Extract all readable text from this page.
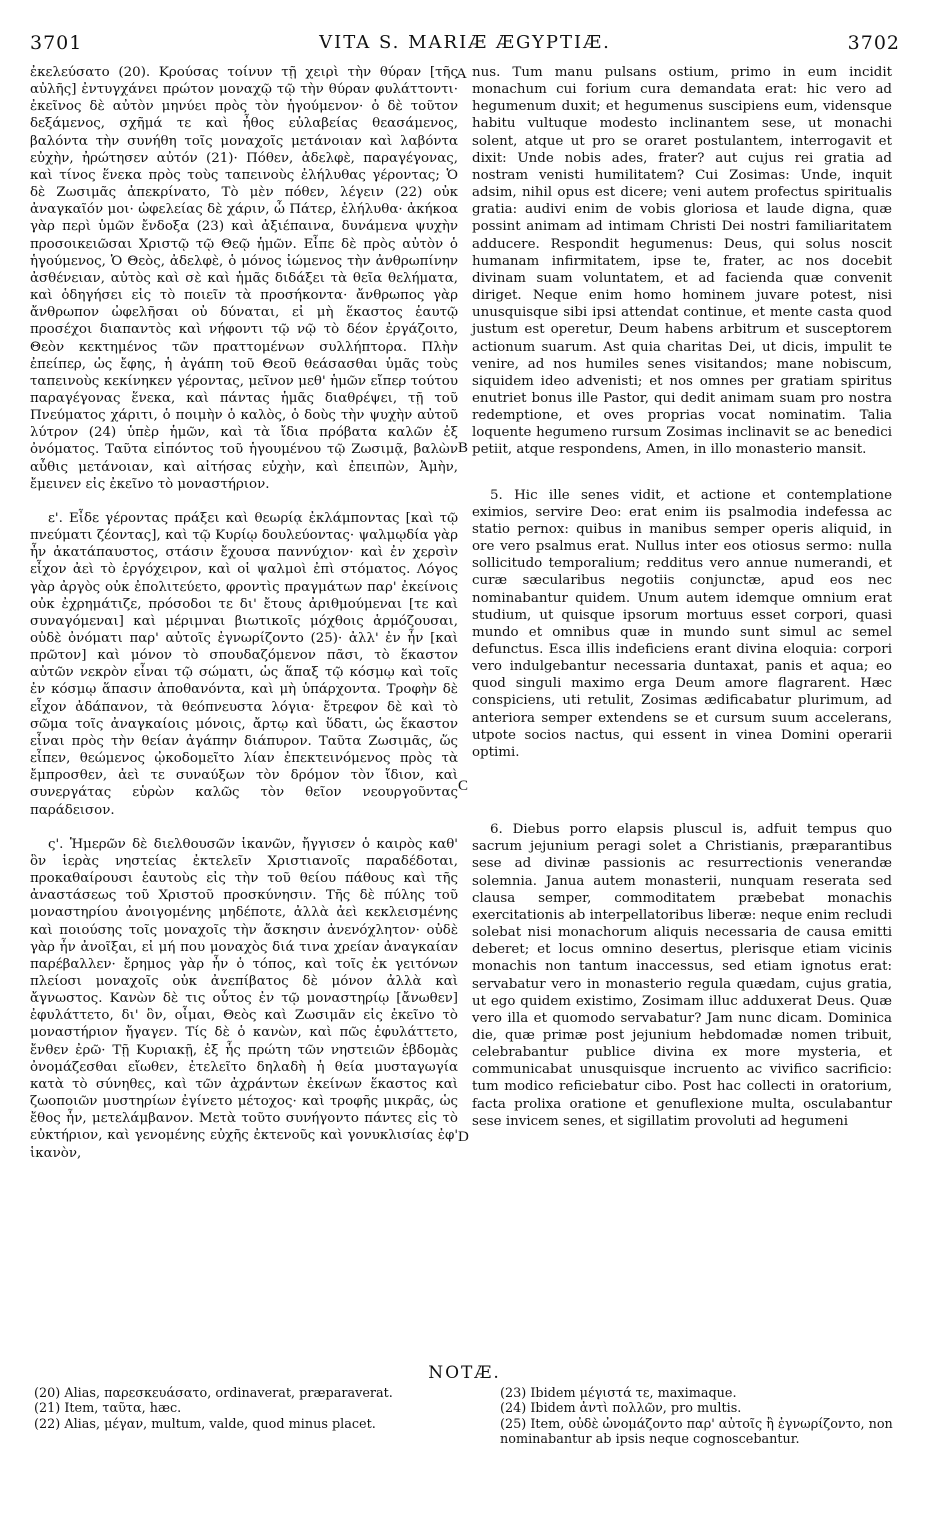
3701	VITA S. MARIÆ ÆGYPTIÆ.	3702

ἐκελεύσατο (20). Κρούσας τοίνυν τῇ χειρὶ τὴν θύραν [τῆς αὐλῆς] ἐντυγχάνει πρώτον μοναχῷ τῷ τὴν θύραν φυλάττοντι· ἐκεῖνος δὲ αὐτὸν μηνύει πρὸς τὸν ἡγούμενον· ὁ δὲ τοῦτον δεξάμενος, σχῆμά τε καὶ ἦθος εὐλαβείας θεασάμενος, βαλόντα τὴν συνήθη τοῖς μοναχοῖς μετάνοιαν καὶ λαβόντα εὐχὴν, ἠρώτησεν αὐτόν (21)· Πόθεν, ἀδελφὲ, παραγέγονας, καὶ τίνος ἕνεκα πρὸς τοὺς ταπεινοὺς ἐλήλυθας γέροντας; Ὁ δὲ Ζωσιμᾶς ἀπεκρίνατο, Τὸ μὲν πόθεν, λέγειν (22) οὐκ ἀναγκαῖόν μοι· ὠφελείας δὲ χάριν, ὦ Πάτερ, ἐλήλυθα· ἀκήκοα γὰρ περὶ ὑμῶν ἔνδοξα (23) καὶ ἀξιέπαινα, δυνάμενα ψυχὴν προσοικειῶσαι Χριστῷ τῷ Θεῷ ἡμῶν. Εἶπε δὲ πρὸς αὐτὸν ὁ ἡγούμενος, Ὁ Θεὸς, ἀδελφὲ, ὁ μόνος ἰώμενος τὴν ἀνθρωπίνην ἀσθένειαν, αὐτὸς καὶ σὲ καὶ ἡμᾶς διδάξει τὰ θεῖα θελήματα, καὶ ὁδηγήσει εἰς τὸ ποιεῖν τὰ προσήκοντα· ἄνθρωπος γὰρ ἄνθρωπον ὠφελῆσαι οὐ δύναται, εἰ μὴ ἕκαστος ἑαυτῷ προσέχοι διαπαντὸς καὶ νήφοντι τῷ νῷ τὸ δέον ἐργάζοιτο, Θεὸν κεκτημένος τῶν πραττομένων συλλήπτορα. Πλὴν ἐπείπερ, ὡς ἔφης, ἡ ἀγάπη τοῦ Θεοῦ θεάσασθαι ὑμᾶς τοὺς ταπεινοὺς κεκίνηκεν γέροντας, μεῖνον μεθ' ἡμῶν εἴπερ τούτου παραγέγονας ἕνεκα, καὶ πάντας ἡμᾶς διαθρέψει, τῇ τοῦ Πνεύματος χάριτι, ὁ ποιμὴν ὁ καλὸς, ὁ δοὺς τὴν ψυχὴν αὐτοῦ λύτρον (24) ὑπὲρ ἡμῶν, καὶ τὰ ἴδια πρόβατα καλῶν ἐξ ὀνόματος. Ταῦτα εἰπόντος τοῦ ἡγουμένου τῷ Ζωσιμᾷ, βαλὼν αὖθις μετάνοιαν, καὶ αἰτήσας εὐχὴν, καὶ ἐπειπὼν, Ἀμὴν, ἔμεινεν εἰς ἐκεῖνο τὸ μοναστήριον.

ε'. Εἶδε γέροντας πράξει καὶ θεωρίᾳ ἐκλάμποντας [καὶ τῷ πνεύματι ζέοντας], καὶ τῷ Κυρίῳ δουλεύοντας· ψαλμῳδία γὰρ ἦν ἀκατάπαυστος, στάσιν ἔχουσα παννύχιον· καὶ ἐν χερσὶν εἶχον ἀεὶ τὸ ἐργόχειρον, καὶ οἱ ψαλμοὶ ἐπὶ στόματος. Λόγος γὰρ ἀργὸς οὐκ ἐπολιτεύετο, φροντὶς πραγμάτων παρ' ἐκείνοις οὐκ ἐχρημάτιζε, πρόσοδοι τε δι' ἔτους ἀριθμούμεναι [τε καὶ συναγόμεναι] καὶ μέριμναι βιωτικοῖς μόχθοις ἁρμόζουσαι, οὐδὲ ὀνόματι παρ' αὐτοῖς ἐγνωρίζοντο (25)· ἀλλ' ἐν ἦν [καὶ πρῶτον] καὶ μόνον τὸ σπουδαζόμενον πᾶσι, τὸ ἕκαστον αὐτῶν νεκρὸν εἶναι τῷ σώματι, ὡς ἅπαξ τῷ κόσμῳ καὶ τοῖς ἐν κόσμῳ ἅπασιν ἀποθανόντα, καὶ μὴ ὑπάρχοντα. Τροφὴν δὲ εἶχον ἀδάπανον, τὰ θεόπνευστα λόγια· ἔτρεφον δὲ καὶ τὸ σῶμα τοῖς ἀναγκαίοις μόνοις, ἄρτῳ καὶ ὕδατι, ὡς ἕκαστον εἶναι πρὸς τὴν θείαν ἀγάπην διάπυρον. Ταῦτα Ζωσιμᾶς, ὥς εἶπεν, θεώμενος ᾠκοδομεῖτο λίαν ἐπεκτεινόμενος πρὸς τὰ ἔμπροσθεν, ἀεὶ τε συναύξων τὸν δρόμον τὸν ἴδιον, καὶ συνεργάτας εὑρὼν καλῶς τὸν θεῖον νεουργοῦντας παράδεισον.

ς'. Ἡμερῶν δὲ διελθουσῶν ἱκανῶν, ἤγγισεν ὁ καιρὸς καθ' ὃν ἱερὰς νηστείας ἐκτελεῖν Χριστιανοῖς παραδέδοται, προκαθαίρουσι ἑαυτοὺς εἰς τὴν τοῦ θείου πάθους καὶ τῆς ἀναστάσεως τοῦ Χριστοῦ προσκύνησιν. Τῆς δὲ πύλης τοῦ μοναστηρίου ἀνοιγομένης μηδέποτε, ἀλλὰ ἀεὶ κεκλεισμένης καὶ ποιούσης τοῖς μοναχοῖς τὴν ἄσκησιν ἀνενόχλητον· οὐδὲ γὰρ ἦν ἀνοῖξαι, εἰ μή που μοναχὸς διά τινα χρείαν ἀναγκαίαν παρέβαλλεν· ἔρημος γὰρ ἦν ὁ τόπος, καὶ τοῖς ἐκ γειτόνων πλείοσι μοναχοῖς οὐκ ἀνεπίβατος δὲ μόνον ἀλλὰ καὶ ἄγνωστος. Κανὼν δὲ τις οὗτος ἐν τῷ μοναστηρίῳ [ἄνωθεν] ἐφυλάττετο, δι' ὃν, οἶμαι, Θεὸς καὶ Ζωσιμᾶν εἰς ἐκεῖνο τὸ μοναστήριον ἤγαγεν. Τίς δὲ ὁ κανὼν, καὶ πῶς ἐφυλάττετο, ἔνθεν ἐρῶ· Τῇ Κυριακῇ, ἐξ ἧς πρώτη τῶν νηστειῶν ἑβδομὰς ὀνομάζεσθαι εἴωθεν, ἐτελεῖτο δηλαδὴ ἡ θεία μυσταγωγία κατὰ τὸ σύνηθες, καὶ τῶν ἀχράντων ἐκείνων ἕκαστος καὶ ζωοποιῶν μυστηρίων ἐγίνετο μέτοχος· καὶ τροφῆς μικρᾶς, ὡς ἔθος ἦν, μετελάμβανον. Μετὰ τοῦτο συνήγοντο πάντες εἰς τὸ εὐκτήριον, καὶ γενομένης εὐχῆς ἐκτενοῦς καὶ γονυκλισίας ἐφ' ἱκανὸν,

A
B
C
D

nus. Tum manu pulsans ostium, primo in eum incidit monachum cui forium cura demandata erat: hic vero ad hegumenum duxit; et hegumenus suscipiens eum, vidensque habitu vultuque modesto inclinantem sese, ut monachi solent, atque ut pro se oraret postulantem, interrogavit et dixit: Unde nobis ades, frater? aut cujus rei gratia ad nostram venisti humilitatem? Cui Zosimas: Unde, inquit adsim, nihil opus est dicere; veni autem profectus spiritualis gratia: audivi enim de vobis gloriosa et laude digna, quæ possint animam ad intimam Christi Dei nostri familiaritatem adducere. Respondit hegumenus: Deus, qui solus noscit humanam infirmitatem, ipse te, frater, ac nos docebit divinam suam voluntatem, et ad facienda quæ convenit diriget. Neque enim homo hominem juvare potest, nisi unusquisque sibi ipsi attendat continue, et mente casta quod justum est operetur, Deum habens arbitrum et susceptorem actionum suarum. Ast quia charitas Dei, ut dicis, impulit te venire, ad nos humiles senes visitandos; mane nobiscum, siquidem ideo advenisti; et nos omnes per gratiam spiritus enutriet bonus ille Pastor, qui dedit animam suam pro nostra redemptione, et oves proprias vocat nominatim. Talia loquente hegumeno rursum Zosimas inclinavit se ac benedici petiit, atque respondens, Amen, in illo monasterio mansit.

5. Hic ille senes vidit, et actione et contemplatione eximios, servire Deo: erat enim iis psalmodia indefessa ac statio pernox: quibus in manibus semper operis aliquid, in ore vero psalmus erat. Nullus inter eos otiosus sermo: nulla sollicitudo temporalium; redditus vero annue numerandi, et curæ sæcularibus negotiis conjunctæ, apud eos nec nominabantur quidem. Unum autem idemque omnium erat studium, ut quisque ipsorum mortuus esset corpori, quasi mundo et omnibus quæ in mundo sunt simul ac semel defunctus. Esca illis indeficiens erant divina eloquia: corpori vero indulgebantur necessaria duntaxat, panis et aqua; eo quod singuli maximo erga Deum amore flagrarent. Hæc conspiciens, uti retulit, Zosimas ædificabatur plurimum, ad anteriora semper extendens se et cursum suum accelerans, utpote socios nactus, qui essent in vinea Domini operarii optimi.

6. Diebus porro elapsis pluscul is, adfuit tempus quo sacrum jejunium peragi solet a Christianis, præparantibus sese ad divinæ passionis ac resurrectionis venerandæ solemnia. Janua autem monasterii, nunquam reserata sed clausa semper, commoditatem præbebat monachis exercitationis ab interpellatoribus liberæ: neque enim recludi solebat nisi monachorum aliquis necessaria de causa emitti deberet; et locus omnino desertus, plerisque etiam vicinis monachis non tantum inaccessus, sed etiam ignotus erat: servabatur vero in monasterio regula quædam, cujus gratia, ut ego quidem existimo, Zosimam illuc adduxerat Deus. Quæ vero illa et quomodo servabatur? Jam nunc dicam. Dominica die, quæ primæ post jejunium hebdomadæ nomen tribuit, celebrabantur publice divina ex more mysteria, et communicabat unusquisque incruento ac vivifico sacrificio: tum modico reficiebatur cibo. Post hac collecti in oratorium, facta prolixa oratione et genuflexione multa, osculabantur sese invicem senes, et sigillatim provoluti ad hegumeni

NOTÆ.

(20) Alias, παρεσκευάσατο, ordinaverat, præparaverat.

(21) Item, ταῦτα, hæc.

(22) Alias, μέγαν, multum, valde, quod minus placet.

(23) Ibidem μέγιστά τε, maximaque.

(24) Ibidem ἀντὶ πολλῶν, pro multis.

(25) Item, οὐδὲ ὠνομάζοντο παρ' αὐτοῖς ἢ ἐγνωρίζοντο, non nominabantur ab ipsis neque cognoscebantur.
